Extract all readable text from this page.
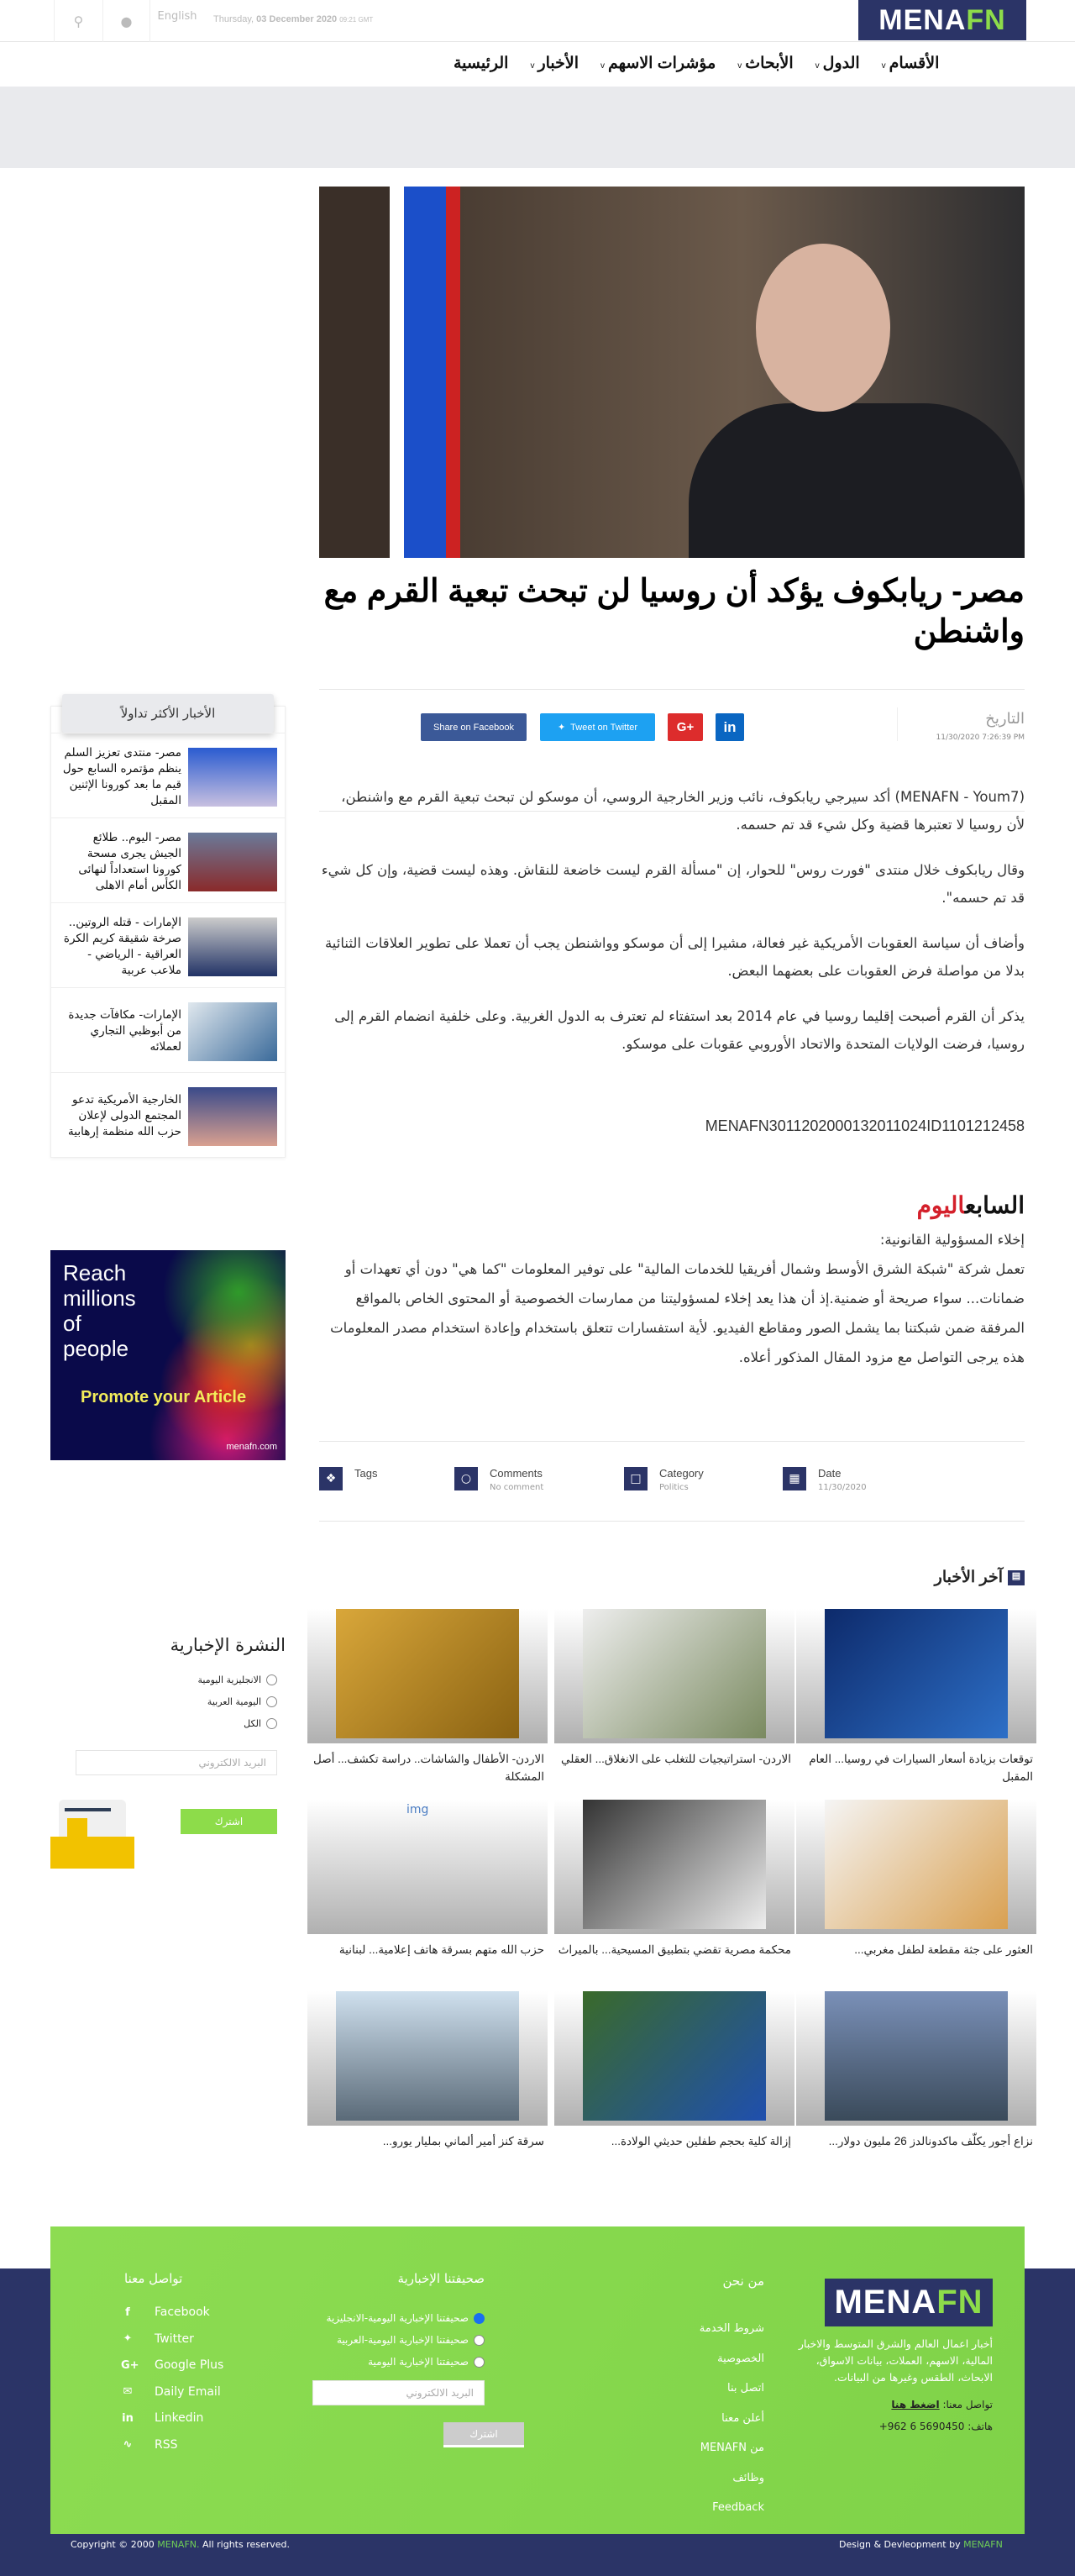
⚲	●	English	Thursday, 03 December 2020 09:21 GMT	MENA FN
الرئيسية	الأخبارv	مؤشرات الاسهمv	الأبحاثv	الدولv	الأقسامv
مصر- ريابكوف يؤكد أن روسيا لن تبحث تبعية القرم مع واشنطن
التاريخ
11/30/2020 7:26:39 PM
Share on Facebook	✦ Tweet on Twitter	G+	in

(MENAFN - Youm7) أكد سيرجي ريابكوف، نائب وزير الخارجية الروسي، أن موسكو لن تبحث تبعية القرم مع واشنطن، لأن روسيا لا تعتبرها قضية وكل شيء قد تم حسمه.

وقال ريابكوف خلال منتدى "فورت روس" للحوار، إن "مسألة القرم ليست خاضعة للنقاش. وهذه ليست قضية، وإن كل شيء قد تم حسمه".

وأضاف أن سياسة العقوبات الأمريكية غير فعالة، مشيرا إلى أن موسكو وواشنطن يجب أن تعملا على تطوير العلاقات الثنائية بدلا من مواصلة فرض العقوبات على بعضهما البعض.

يذكر أن القرم أصبحت إقليما روسيا في عام 2014 بعد استفتاء لم تعترف به الدول الغربية. وعلى خلفية انضمام القرم إلى روسيا، فرضت الولايات المتحدة والاتحاد الأوروبي عقوبات على موسكو.

MENAFN3011202000132011024ID1101212458
السابعاليوم
إخلاء المسؤولية القانونية:
تعمل شركة "شبكة الشرق الأوسط وشمال أفريقيا للخدمات المالية" على توفير المعلومات "كما هي" دون أي تعهدات أو ضمانات... سواء صريحة أو ضمنية.إذ أن هذا يعد إخلاء لمسؤوليتنا من ممارسات الخصوصية أو المحتوى الخاص بالمواقع المرفقة ضمن شبكتنا بما يشمل الصور ومقاطع الفيديو. لأية استفسارات تتعلق باستخدام وإعادة استخدام مصدر المعلومات هذه يرجى التواصل مع مزود المقال المذكور أعلاه.
❖	Tags	○	Comments
No comment
□	Category
Politics
▦	Date
11/30/2020
▤
آخر الأخبار
توقعات بزيادة أسعار السيارات في روسيا... العام المقبل
الاردن- استراتيجيات للتغلب على الانغلاق... العقلي
الاردن- الأطفال والشاشات.. دراسة تكشف... أصل المشكلة
العثور على جثة مقطعة لطفل مغربي...
محكمة مصرية تقضي بتطبيق المسيحية... بالميراث
img
حزب الله متهم بسرقة هاتف إعلامية... لبنانية
نزاع أجور يكلّف ماكدونالدز 26 مليون دولار...
إزالة كلية بحجم طفلين حديثي الولادة...
سرقة كنز أمير ألماني بمليار يورو...
الأخبار الأكثر تداولاً
مصر- منتدى تعزيز السلم ينظم مؤتمره السابع حول قيم ما بعد كورونا الإثنين المقبل
مصر- اليوم.. طلائع الجيش يجرى مسحة كورونا استعداداً لنهائى الكأس أمام الاهلى
الإمارات - قتله الروتين.. صرخة شقيقة كريم الكرة العراقية - الرياضي - ملاعب عربية
الإمارات- مكافآت جديدة من أبوظبي التجاري لعملائه
الخارجية الأمريكية تدعو المجتمع الدولى لإعلان حزب الله منظمة إرهابية
Reach
millions
of
people
Promote your Article
menafn.com
النشرة الإخبارية
الانجليزية اليومية
اليومية العربية
الكل
البريد الالكتروني
اشترك
MENA FN
أخبار اعمال العالم والشرق المتوسط والاخبار المالية، الاسهم، العملات، بيانات الاسواق، الابحاث، الطقس وغيرها من البيانات.
تواصل معنا: اضغط هنا
هاتف: +962 6 5690450
من نحن
شروط الخدمة
الخصوصية
اتصل بنا
أعلن معنا
من MENAFN
وظائف
Feedback
صحيفتنا الإخبارية
صحيفتنا الإخبارية اليومية-الانجليزية
صحيفتنا الإخبارية اليومية-العربية
صحيفتنا الإخبارية اليومية
البريد الالكتروني
اشترك
تواصل معنا
f	Facebook
✦ Twitter
G+ Google Plus
✉ Daily Email
in Linkedin
∿ RSS
Copyright © 2000 MENAFN. All rights reserved.	Design & Devleopment by MENAFN
